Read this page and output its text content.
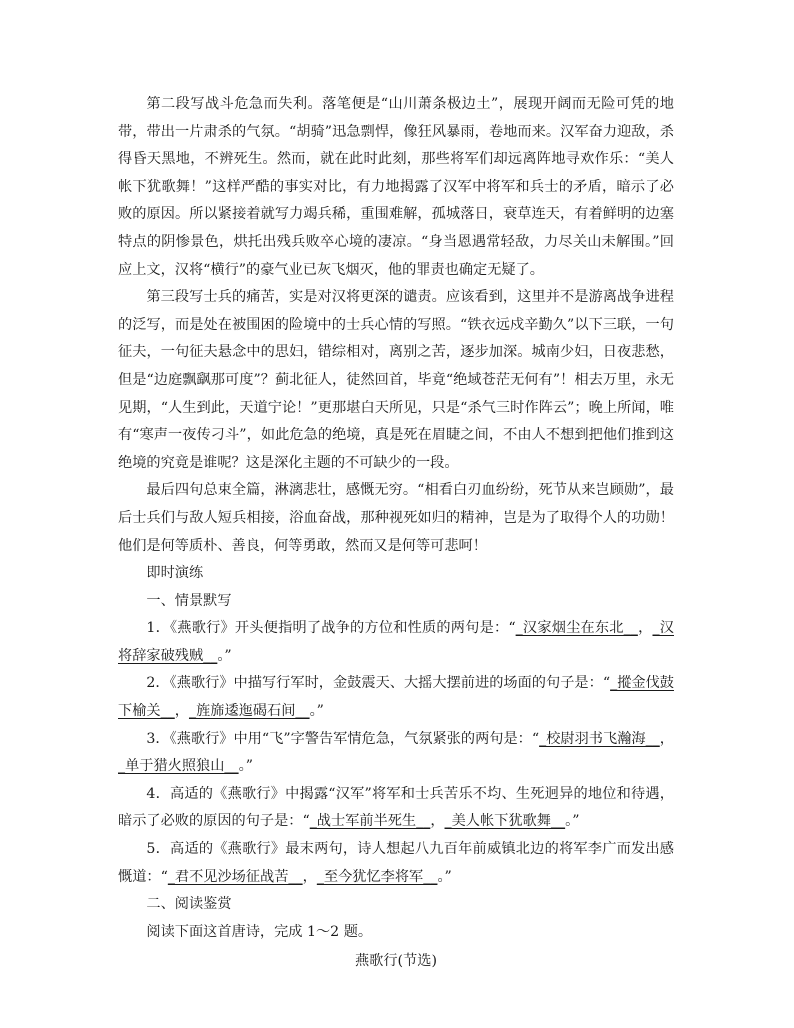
第二段写战斗危急而失利。落笔便是“山川萧条极边土”，展现开阔而无险可凭的地带，带出一片肃杀的气氛。“胡骑”迅急剽悍，像狂风暴雨，卷地而来。汉军奋力迎敌，杀得昏天黑地，不辨死生。然而，就在此时此刻，那些将军们却远离阵地寻欢作乐：“美人帐下犹歌舞！”这样严酷的事实对比，有力地揭露了汉军中将军和兵士的矛盾，暗示了必败的原因。所以紧接着就写力竭兵稀，重围难解，孤城落日，衰草连天，有着鲜明的边塞特点的阴惨景色，烘托出残兵败卒心境的凄凉。“身当恩遇常轻敌，力尽关山未解围。”回应上文，汉将“横行”的豪气业已灰飞烟灭，他的罪责也确定无疑了。

第三段写士兵的痛苦，实是对汉将更深的谴责。应该看到，这里并不是游离战争进程的泛写，而是处在被围困的险境中的士兵心情的写照。“铁衣远戍辛勤久”以下三联，一句征夫，一句征夫悬念中的思妇，错综相对，离别之苦，逐步加深。城南少妇，日夜悲愁，但是“边庭飘飖那可度”？蓟北征人，徒然回首，毕竟“绝域苍茫无何有”！相去万里，永无见期，“人生到此，天道宁论！”更那堪白天所见，只是“杀气三时作阵云”；晚上所闻，唯有“寒声一夜传刁斗”，如此危急的绝境，真是死在眉睫之间，不由人不想到把他们推到这绝境的究竟是谁呢？这是深化主题的不可缺少的一段。

最后四句总束全篇，淋漓悲壮，感慨无穷。“相看白刃血纷纷，死节从来岂顾勋”，最后士兵们与敌人短兵相接，浴血奋战，那种视死如归的精神，岂是为了取得个人的功勋！他们是何等质朴、善良，何等勇敢，然而又是何等可悲呵！

即时演练

一、情景默写

1．《燕歌行》开头便指明了战争的方位和性质的两句是：“_汉家烟尘在东北__，_汉将辞家破残贼__。”

2．《燕歌行》中描写行军时，金鼓震天、大摇大摆前进的场面的句子是：“_摐金伐鼓下榆关__，_旌旆逶迤碣石间__。”

3．《燕歌行》中用“飞”字警告军情危急，气氛紧张的两句是：“_校尉羽书飞瀚海__，_单于猎火照狼山__。”

4．高适的《燕歌行》中揭露“汉军”将军和士兵苦乐不均、生死迥异的地位和待遇，暗示了必败的原因的句子是：“_战士军前半死生__，_美人帐下犹歌舞__。”

5．高适的《燕歌行》最末两句，诗人想起八九百年前威镇北边的将军李广而发出感慨道：“_君不见沙场征战苦__，_至今犹忆李将军__。”

二、阅读鉴赏

阅读下面这首唐诗，完成 1～2 题。

燕歌行(节选)
